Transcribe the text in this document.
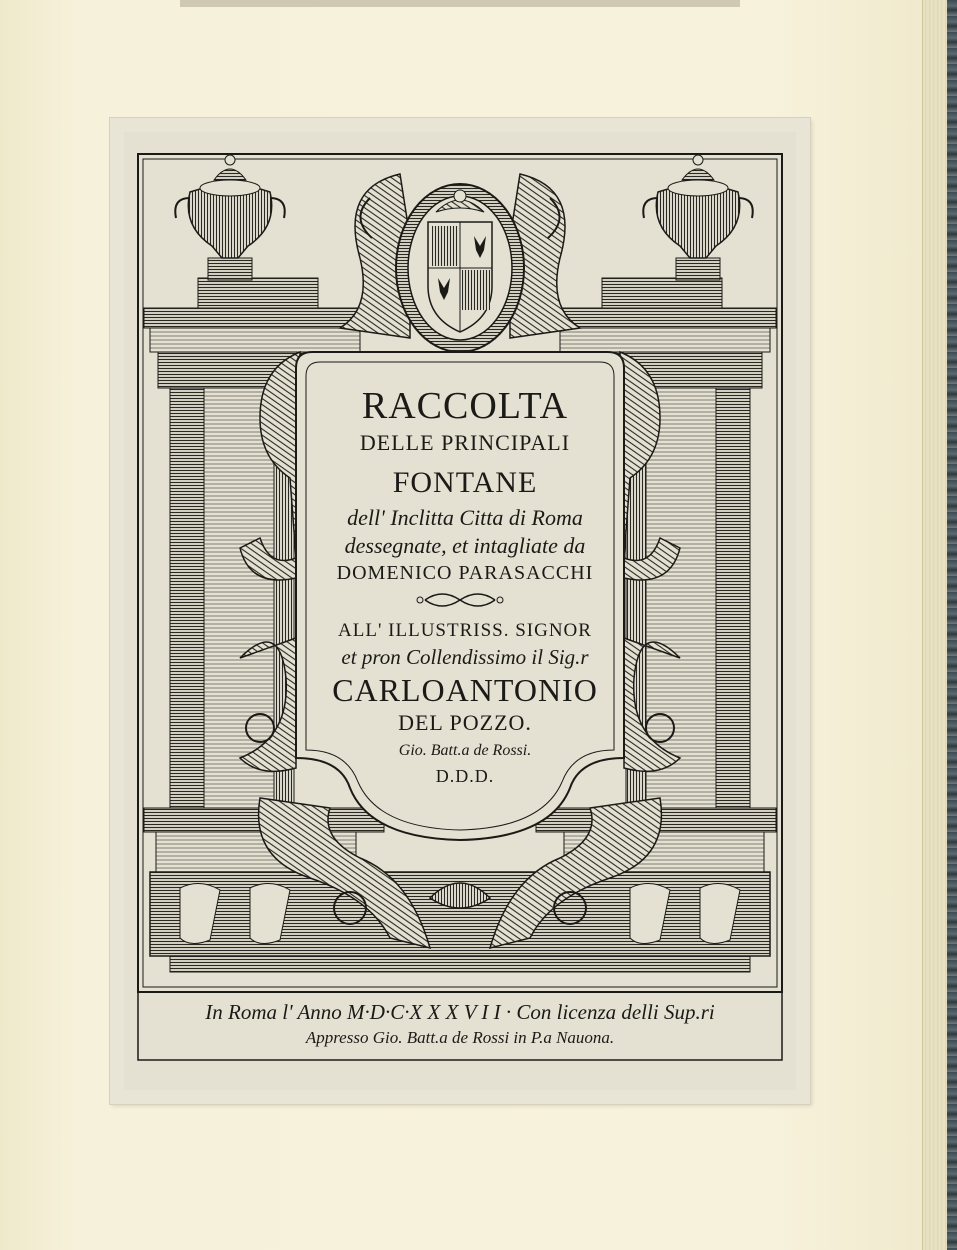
RACCOLTA
DELLE PRINCIPALI
FONTANE
dell' Inclitta Citta di Roma
dessegnate, et intagliate da
DOMENICO PARASACCHI
ALL' ILLUSTRISS. SIGNOR
et pron Collendissimo il Sig.r
CARLOANTONIO
DEL POZZO.
Gio. Batt.a de Rossi.
D.D.D.
In Roma l' Anno M·D·C·X X X V I I · Con licenza delli Sup.ri
Appresso Gio. Batt.a de Rossi in P.a Nauona.
